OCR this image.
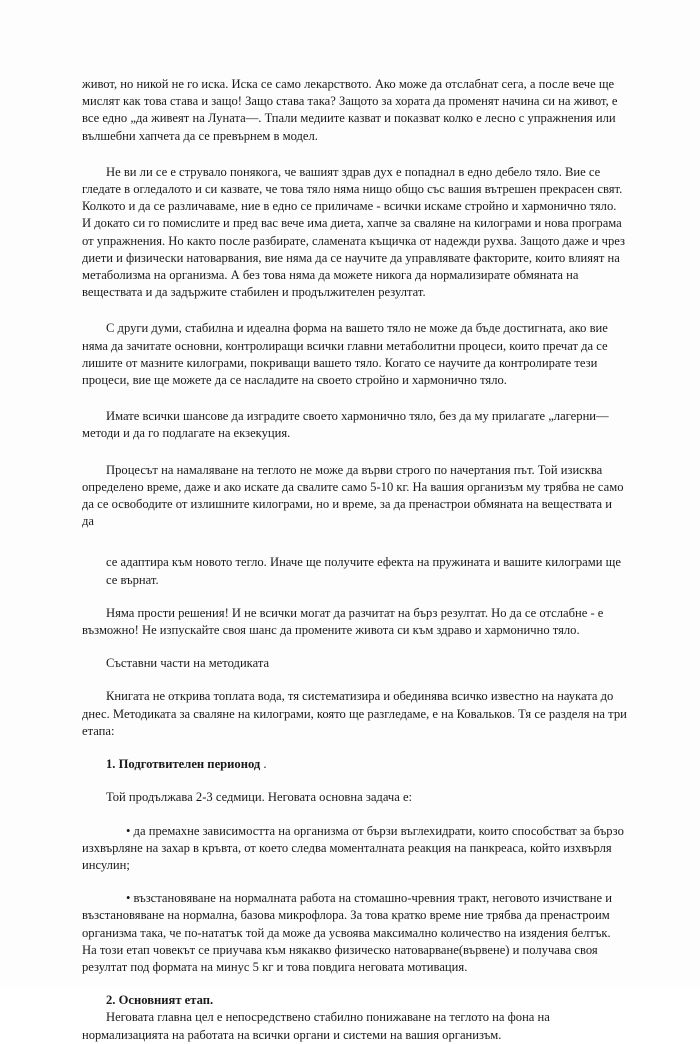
живот, но никой не го иска. Иска се само лекарството. Ако може да отслабнат сега, а после вече ще мислят как това става и защо! Защо става така? Защото за хората да променят начина си на живот, е все едно „да живеят на Луната—. Тпали медиите казват и показват колко е лесно с упражнения или вълшебни хапчета да се превърнем в модел.

Не ви ли се е струвало понякога, че вашият здрав дух е попаднал в едно дебело тяло. Вие се гледате в огледалото и си казвате, че това тяло няма нищо общо със вашия вътрешен прекрасен свят. Колкото и да се различаваме, ние в едно се приличаме - всички искаме стройно и хармонично тяло. И докато си го помислите и пред вас вече има диета, хапче за сваляне на килограми и нова програма от упражнения. Но както после разбирате, сламената къщичка от надежди рухва. Защото даже и чрез диети и физически натоварвания, вие няма да се научите да управлявате факторите, които влияят на метаболизма на организма. А без това няма да можете никога да нормализирате обмяната на веществата и да задържите стабилен и продължителен резултат.

С други думи, стабилна и идеална форма на вашето тяло не може да бъде достигната, ако вие няма да зачитате основни, контролиращи всички главни метаболитни процеси, които пречат да се лишите от мазните килограми, покриващи вашето тяло. Когато се научите да контролирате тези процеси, вие ще можете да се насладите на своето стройно и хармонично тяло.

Имате всички шансове да изградите своето хармонично тяло, без да му прилагате „лагерни— методи и да го подлагате на екзекуция.

Процесът на намаляване на теглото не може да върви строго по начертания път. Той изисква определено време, даже и ако искате да свалите само 5-10 кг. На вашия организъм му трябва не само да се освободите от излишните килограми, но и време, за да пренастрои обмяната на веществата и да

се адаптира към новото тегло. Иначе ще получите ефекта на пружината и вашите килограми ще се върнат.

Няма прости решения! И не всички могат да разчитат на бърз резултат. Но да се отслабне - е възможно! Не изпускайте своя шанс да промените живота си към здраво и хармонично тяло.

Съставни части на методиката

Книгата не открива топлата вода, тя систематизира и обединява всичко известно на науката до днес. Методиката за сваляне на килограми, която ще разгледаме, е на Ковальков. Тя се разделя на три етапа:

1. Подготвителен перионод .

Той продължава 2-3 седмици. Неговата основна задача е:

• да премахне зависимостта на организма от бързи въглехидрати, които способстват за бързо изхвърляне на захар в кръвта, от което следва моменталната реакция на панкреаса, който изхвърля инсулин;

• възстановяване на нормалната работа на стомашно-чревния тракт, неговото изчистване и възстановяване на нормална, базова микрофлора. За това кратко време ние трябва да пренастроим организма така, че по-нататък той да може да усвоява максимално количество на изядения белтък. На този етап човекът се приучава към някакво физическо натоварване(вървене) и получава своя резултат под формата на минус 5 кг и това повдига неговата мотивация.

2. Основният етап.

Неговата главна цел е непосредствено стабилно понижаване на теглото на фона на нормализацията на работата на всички органи и системи на вашия организъм.
